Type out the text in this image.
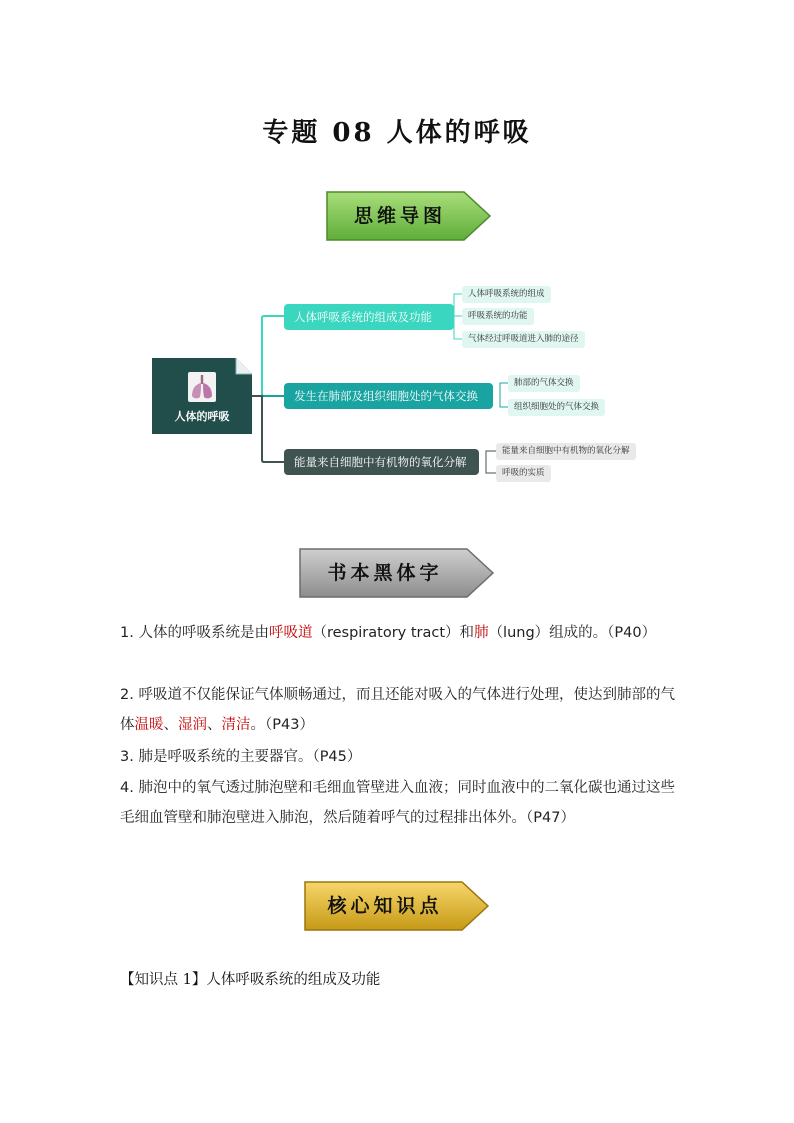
专题 08 人体的呼吸
思维导图
人体的呼吸
人体呼吸系统的组成及功能
发生在肺部及组织细胞处的气体交换
能量来自细胞中有机物的氧化分解
人体呼吸系统的组成
呼吸系统的功能
气体经过呼吸道进入肺的途径
肺部的气体交换
组织细胞处的气体交换
能量来自细胞中有机物的氧化分解
呼吸的实质
书本黑体字
1. 人体的呼吸系统是由呼吸道（respiratory tract）和肺（lung）组成的。（P40）
2. 呼吸道不仅能保证气体顺畅通过，而且还能对吸入的气体进行处理，使达到肺部的气体温暖、湿润、清洁。（P43）
3. 肺是呼吸系统的主要器官。（P45）
4. 肺泡中的氧气透过肺泡壁和毛细血管壁进入血液；同时血液中的二氧化碳也通过这些毛细血管壁和肺泡壁进入肺泡，然后随着呼气的过程排出体外。（P47）
核心知识点
【知识点 1】人体呼吸系统的组成及功能
